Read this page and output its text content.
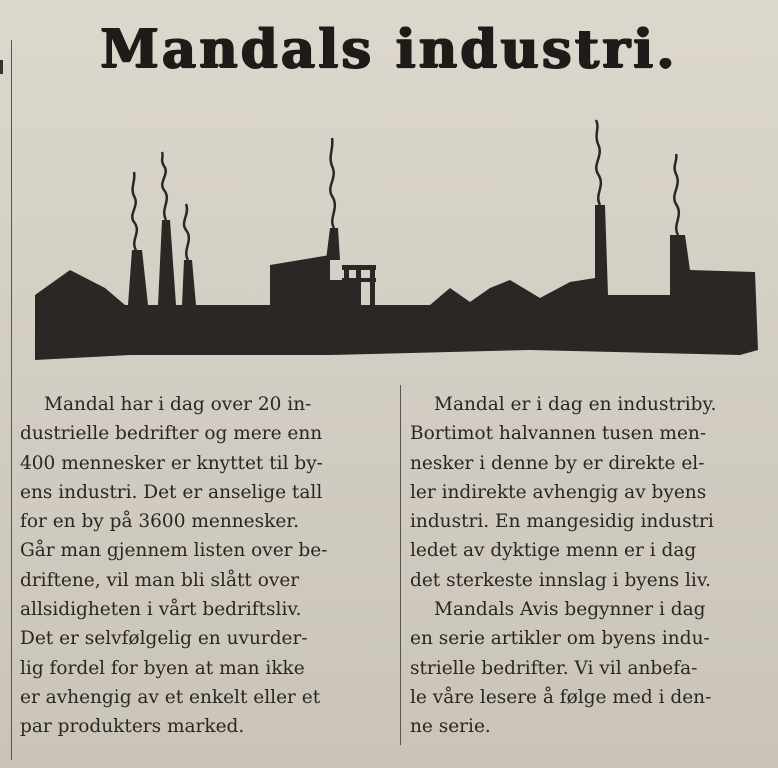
Mandals industri.
Mandal har i dag over 20 in-
dustrielle bedrifter og mere enn
400 mennesker er knyttet til by-
ens industri. Det er anselige tall
for en by på 3600 mennesker.
Går man gjennem listen over be-
driftene, vil man bli slått over
allsidigheten i vårt bedriftsliv.
Det er selvfølgelig en uvurder-
lig fordel for byen at man ikke
er avhengig av et enkelt eller et
par produkters marked.
Mandal er i dag en industriby.
Bortimot halvannen tusen men-
nesker i denne by er direkte el-
ler indirekte avhengig av byens
industri. En mangesidig industri
ledet av dyktige menn er i dag
det sterkeste innslag i byens liv.
Mandals Avis begynner i dag
en serie artikler om byens indu-
strielle bedrifter. Vi vil anbefa-
le våre lesere å følge med i den-
ne serie.
